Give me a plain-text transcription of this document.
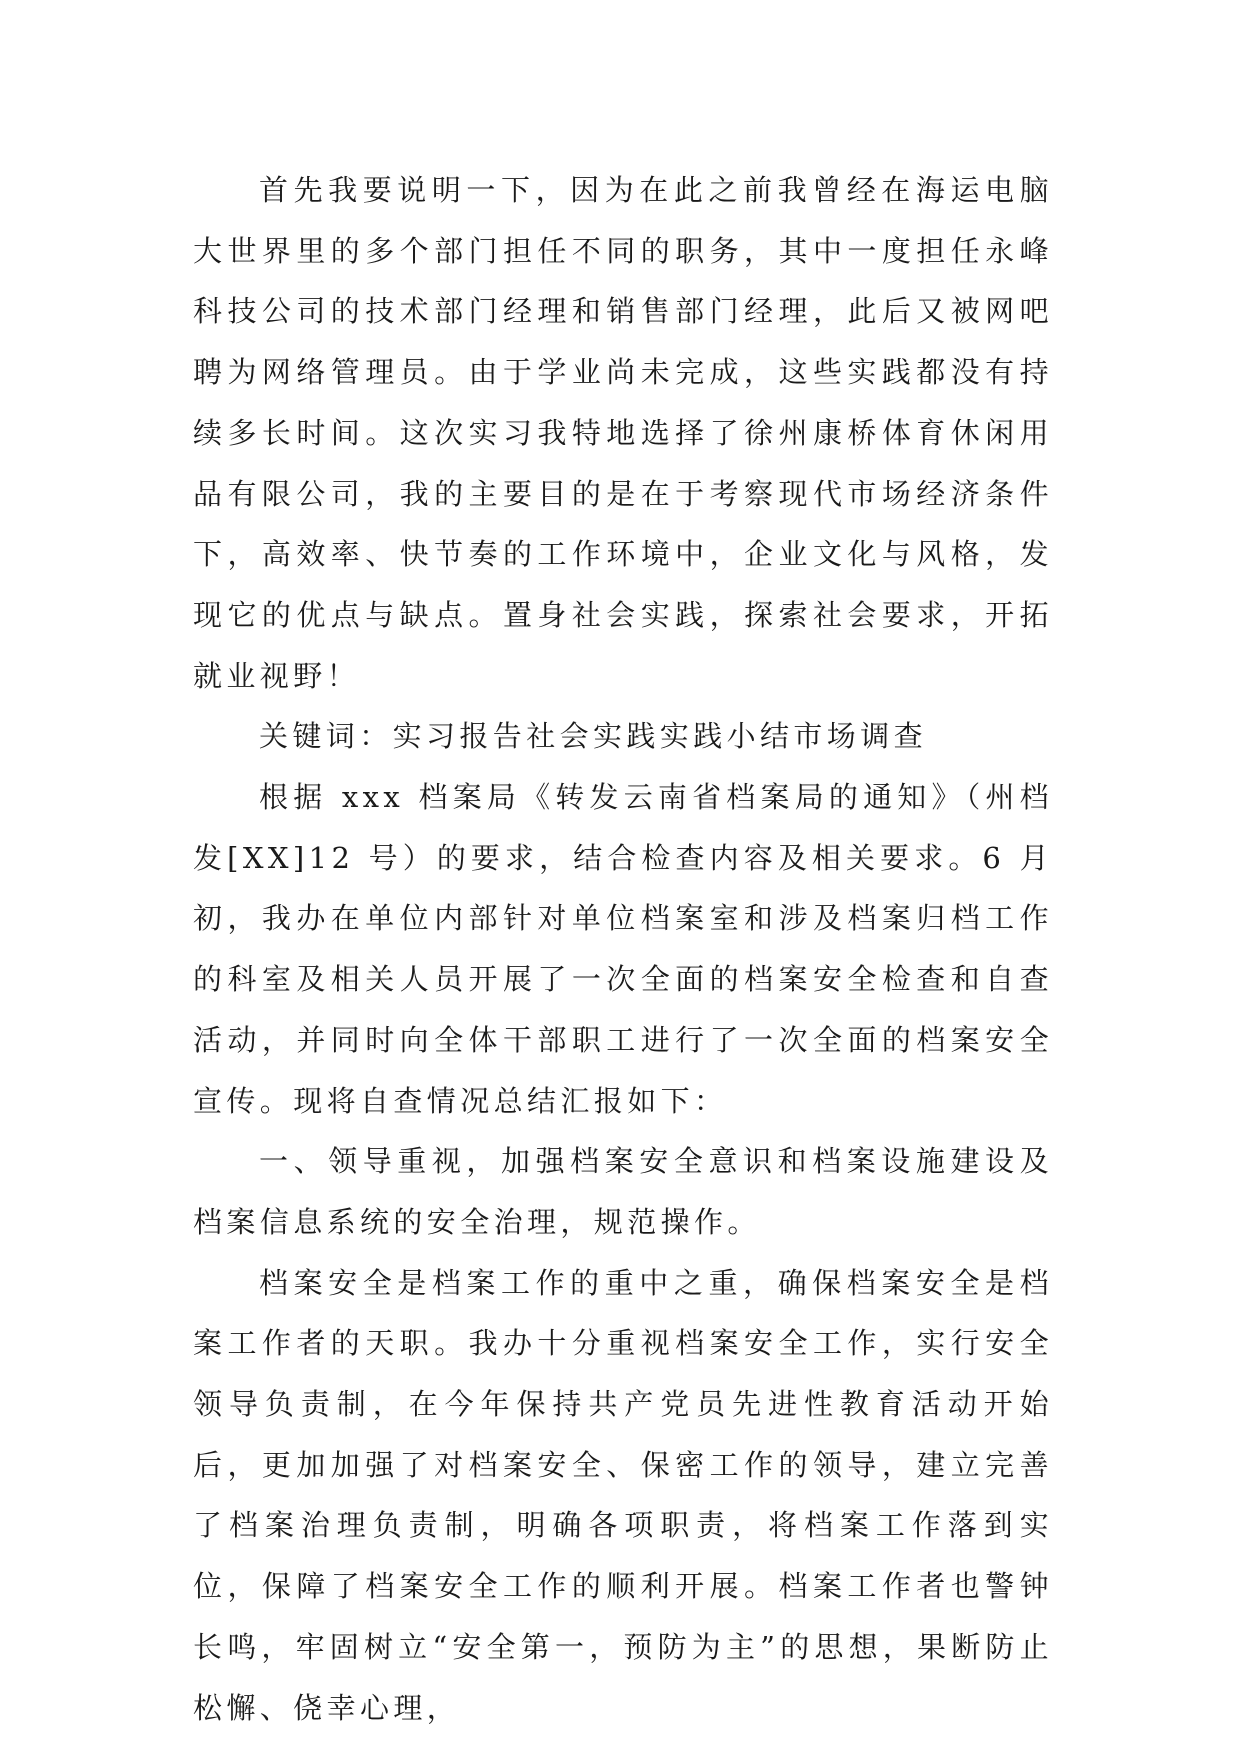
首先我要说明一下，因为在此之前我曾经在海运电脑大世界里的多个部门担任不同的职务，其中一度担任永峰科技公司的技术部门经理和销售部门经理，此后又被网吧聘为网络管理员。由于学业尚未完成，这些实践都没有持续多长时间。这次实习我特地选择了徐州康桥体育休闲用品有限公司，我的主要目的是在于考察现代市场经济条件下，高效率、快节奏的工作环境中，企业文化与风格，发现它的优点与缺点。置身社会实践，探索社会要求，开拓就业视野！

关键词：实习报告社会实践实践小结市场调查

根据 xxx 档案局《转发云南省档案局的通知》（州档发[XX]12 号）的要求，结合检查内容及相关要求。6 月初，我办在单位内部针对单位档案室和涉及档案归档工作的科室及相关人员开展了一次全面的档案安全检查和自查活动，并同时向全体干部职工进行了一次全面的档案安全宣传。现将自查情况总结汇报如下：

一、领导重视，加强档案安全意识和档案设施建设及档案信息系统的安全治理，规范操作。

档案安全是档案工作的重中之重，确保档案安全是档案工作者的天职。我办十分重视档案安全工作，实行安全领导负责制，在今年保持共产党员先进性教育活动开始后，更加加强了对档案安全、保密工作的领导，建立完善了档案治理负责制，明确各项职责，将档案工作落到实位，保障了档案安全工作的顺利开展。档案工作者也警钟长鸣，牢固树立“安全第一，预防为主”的思想，果断防止松懈、侥幸心理，
